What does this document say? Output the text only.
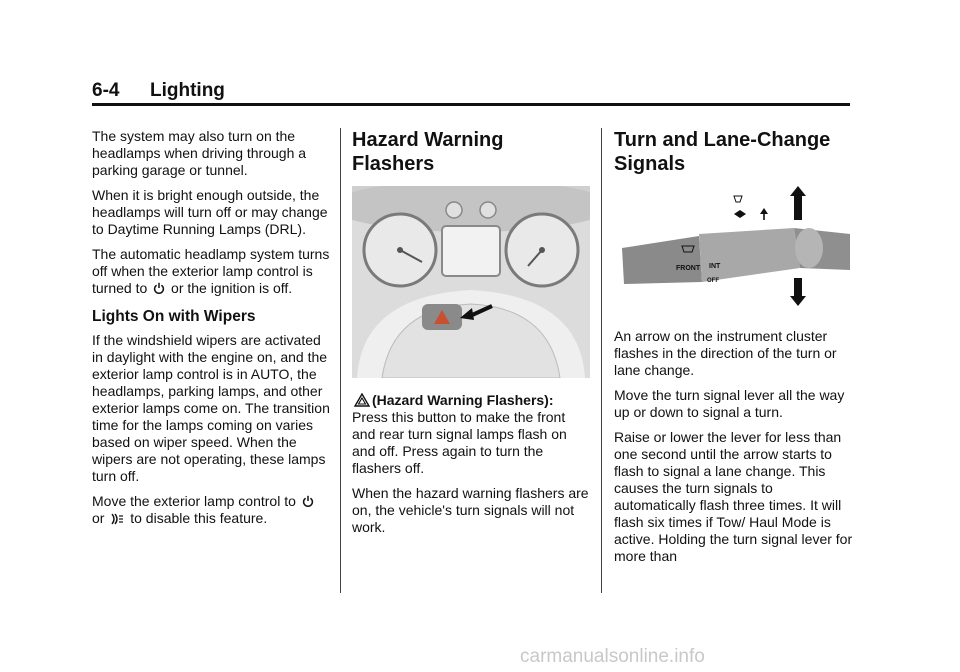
6-4 Lighting

The system may also turn on the headlamps when driving through a parking garage or tunnel.

When it is bright enough outside, the headlamps will turn off or may change to Daytime Running Lamps (DRL).

The automatic headlamp system turns off when the exterior lamp control is turned to or the ignition is off.

Lights On with Wipers

If the windshield wipers are activated in daylight with the engine on, and the exterior lamp control is in AUTO, the headlamps, parking lamps, and other exterior lamps come on. The transition time for the lamps coming on varies based on wiper speed. When the wipers are not operating, these lamps turn off.

Move the exterior lamp control to
or to disable this feature.

Hazard Warning Flashers

(Hazard Warning Flashers): Press this button to make the front and rear turn signal lamps flash on and off. Press again to turn the flashers off.

When the hazard warning flashers are on, the vehicle's turn signals will not work.

Turn and Lane-Change Signals
FRONT INT
OFF

An arrow on the instrument cluster flashes in the direction of the turn or lane change.

Move the turn signal lever all the way up or down to signal a turn.

Raise or lower the lever for less than one second until the arrow starts to flash to signal a lane change. This causes the turn signals to automatically flash three times. It will flash six times if Tow/ Haul Mode is active. Holding the turn signal lever for more than

carmanualsonline.info
